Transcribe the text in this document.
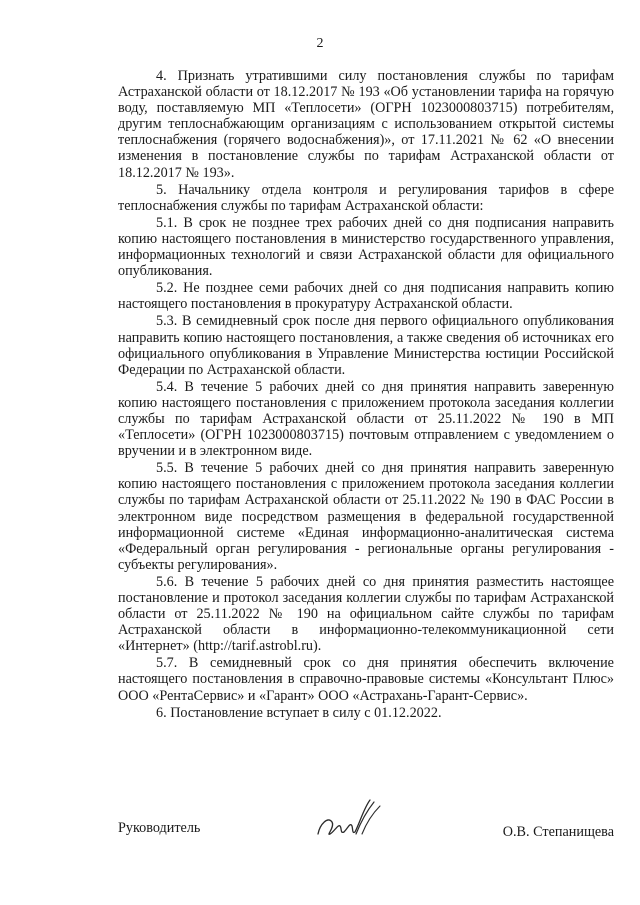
2

4. Признать утратившими силу постановления службы по тарифам Астраханской области от 18.12.2017 № 193 «Об установлении тарифа на горячую воду, поставляемую МП «Теплосети» (ОГРН 1023000803715) потребителям, другим теплоснабжающим организациям с использованием открытой системы теплоснабжения (горячего водоснабжения)», от 17.11.2021 № 62 «О внесении изменения в постановление службы по тарифам Астраханской области от 18.12.2017 № 193».

5. Начальнику отдела контроля и регулирования тарифов в сфере теплоснабжения службы по тарифам Астраханской области:

5.1. В срок не позднее трех рабочих дней со дня подписания направить копию настоящего постановления в министерство государственного управления, информационных технологий и связи Астраханской области для официального опубликования.

5.2. Не позднее семи рабочих дней со дня подписания направить копию настоящего постановления в прокуратуру Астраханской области.

5.3. В семидневный срок после дня первого официального опубликования направить копию настоящего постановления, а также сведения об источниках его официального опубликования в Управление Министерства юстиции Российской Федерации по Астраханской области.

5.4. В течение 5 рабочих дней со дня принятия направить заверенную копию настоящего постановления с приложением протокола заседания коллегии службы по тарифам Астраханской области от 25.11.2022 № 190 в МП «Теплосети» (ОГРН 1023000803715) почтовым отправлением с уведомлением о вручении и в электронном виде.

5.5. В течение 5 рабочих дней со дня принятия направить заверенную копию настоящего постановления с приложением протокола заседания коллегии службы по тарифам Астраханской области от 25.11.2022 № 190 в ФАС России в электронном виде посредством размещения в федеральной государственной информационной системе «Единая информационно-аналитическая система «Федеральный орган регулирования - региональные органы регулирования - субъекты регулирования».

5.6. В течение 5 рабочих дней со дня принятия разместить настоящее постановление и протокол заседания коллегии службы по тарифам Астраханской области от 25.11.2022 № 190 на официальном сайте службы по тарифам Астраханской области в информационно-телекоммуникационной сети «Интернет» (http://tarif.astrobl.ru).

5.7. В семидневный срок со дня принятия обеспечить включение настоящего постановления в справочно-правовые системы «Консультант Плюс» ООО «РентаСервис» и «Гарант» ООО «Астрахань-Гарант-Сервис».

6. Постановление вступает в силу с 01.12.2022.

Руководитель	О.В. Степанищева
